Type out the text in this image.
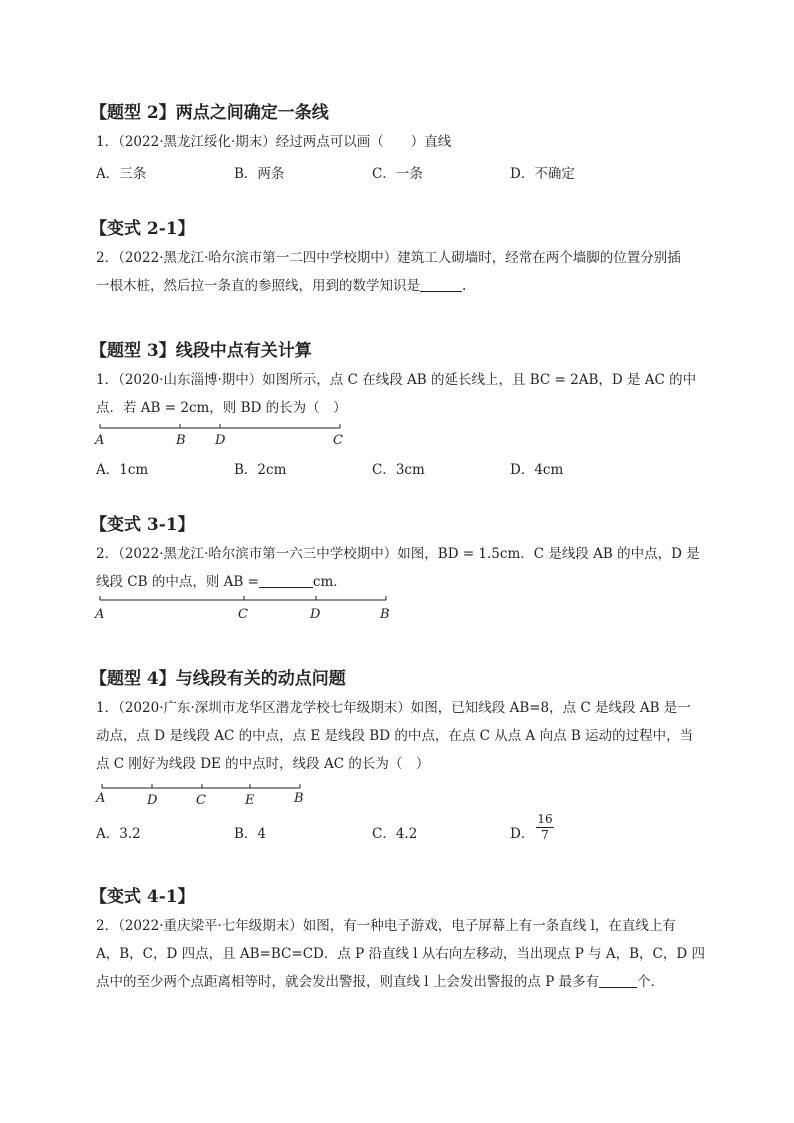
【题型 2】两点之间确定一条线
1．（2022·黑龙江绥化·期末）经过两点可以画（　　）直线
A．三条	B．两条	C．一条	D．不确定
【变式 2-1】
2．（2022·黑龙江·哈尔滨市第一二四中学校期中）建筑工人砌墙时，经常在两个墙脚的位置分别插
一根木桩，然后拉一条直的参照线，用到的数学知识是	.
【题型 3】线段中点有关计算
1．（2020·山东淄博·期中）如图所示，点 C 在线段 AB 的延长线上，且 BC = 2AB，D 是 AC 的中
点．若 AB = 2cm，则 BD 的长为（　）
A	B D	C
A．1cm	B．2cm	C．3cm	D．4cm
【变式 3-1】
2．（2022·黑龙江·哈尔滨市第一六三中学校期中）如图，BD = 1.5cm．C 是线段 AB 的中点，D 是
线段 CB 的中点，则 AB =	cm．
A	C	D	B
【题型 4】与线段有关的动点问题
1．（2020·广东·深圳市龙华区潜龙学校七年级期末）如图，已知线段 AB=8，点 C 是线段 AB 是一
动点，点 D 是线段 AC 的中点，点 E 是线段 BD 的中点，在点 C 从点 A 向点 B 运动的过程中，当
点 C 刚好为线段 DE 的中点时，线段 AC 的长为（　）
A	D	C	E	B
A．3.2	B．4	C．4.2	D．
16
7
【变式 4-1】
2．（2022·重庆梁平·七年级期末）如图，有一种电子游戏，电子屏幕上有一条直线 l，在直线上有
A，B，C，D 四点，且 AB=BC=CD．点 P 沿直线 l 从右向左移动，当出现点 P 与 A，B，C，D 四
点中的至少两个点距离相等时，就会发出警报，则直线 l 上会发出警报的点 P 最多有	个．
